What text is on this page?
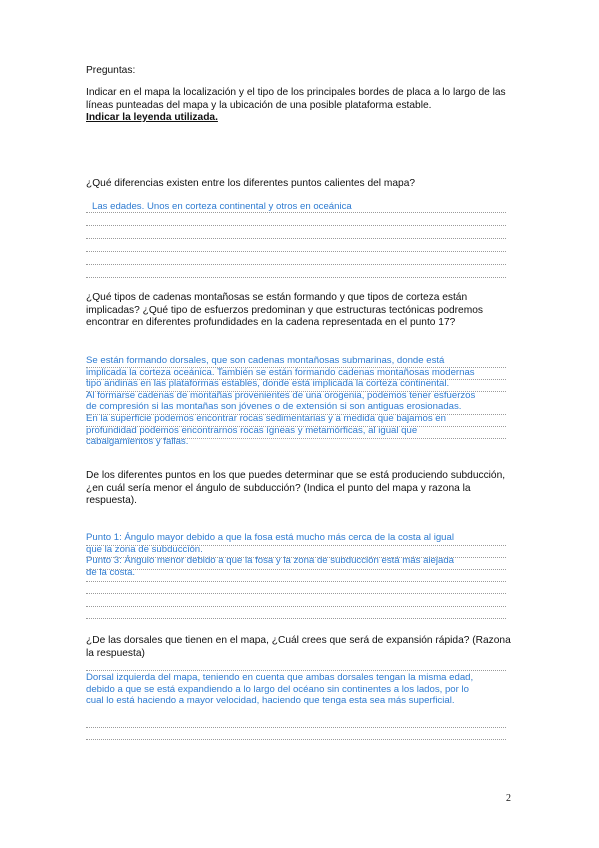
Preguntas:
Indicar en el mapa la localización y el tipo de los principales bordes de placa a lo largo de las líneas punteadas del mapa y la ubicación de una posible plataforma estable.
Indicar la leyenda utilizada.
¿Qué diferencias existen entre los diferentes puntos calientes del mapa?
Las edades. Unos en corteza continental y otros en oceánica
¿Qué tipos de cadenas montañosas se están formando y que tipos de corteza están implicadas? ¿Qué tipo de esfuerzos predominan y que estructuras tectónicas podremos encontrar en diferentes profundidades en la cadena representada en el punto 17?
Se están formando dorsales, que son cadenas montañosas submarinas, donde está
implicada la corteza oceánica. También se están formando cadenas montañosas modernas
tipo andinas en las plataformas estables, donde está implicada la corteza continental.
Al formarse cadenas de montañas provenientes de una orogenia, podemos tener esfuerzos
de compresión si las montañas son jóvenes o de extensión si son antiguas erosionadas.
En la superficie podemos encontrar rocas sedimentarias y a medida que bajamos en
profundidad podemos encontrarnos rocas ígneas y metamórficas, al igual que
cabalgamientos y fallas.
De los diferentes puntos en los que puedes determinar que se está produciendo subducción, ¿en cuál sería menor el ángulo de subducción? (Indica el punto del mapa y razona la respuesta).
Punto 1: Ángulo mayor debido a que la fosa está mucho más cerca de la costa al igual
que la zona de subducción.
Punto 3: Ángulo menor debido a que la fosa y la zona de subducción está más alejada
de la costa.
¿De las dorsales que tienen en el mapa, ¿Cuál crees que será de expansión rápida? (Razona la respuesta)
Dorsal izquierda del mapa, teniendo en cuenta que ambas dorsales tengan la misma edad,
debido a que se está expandiendo a lo largo del océano sin continentes a los lados, por lo
cual lo está haciendo a mayor velocidad, haciendo que tenga esta sea más superficial.
2
